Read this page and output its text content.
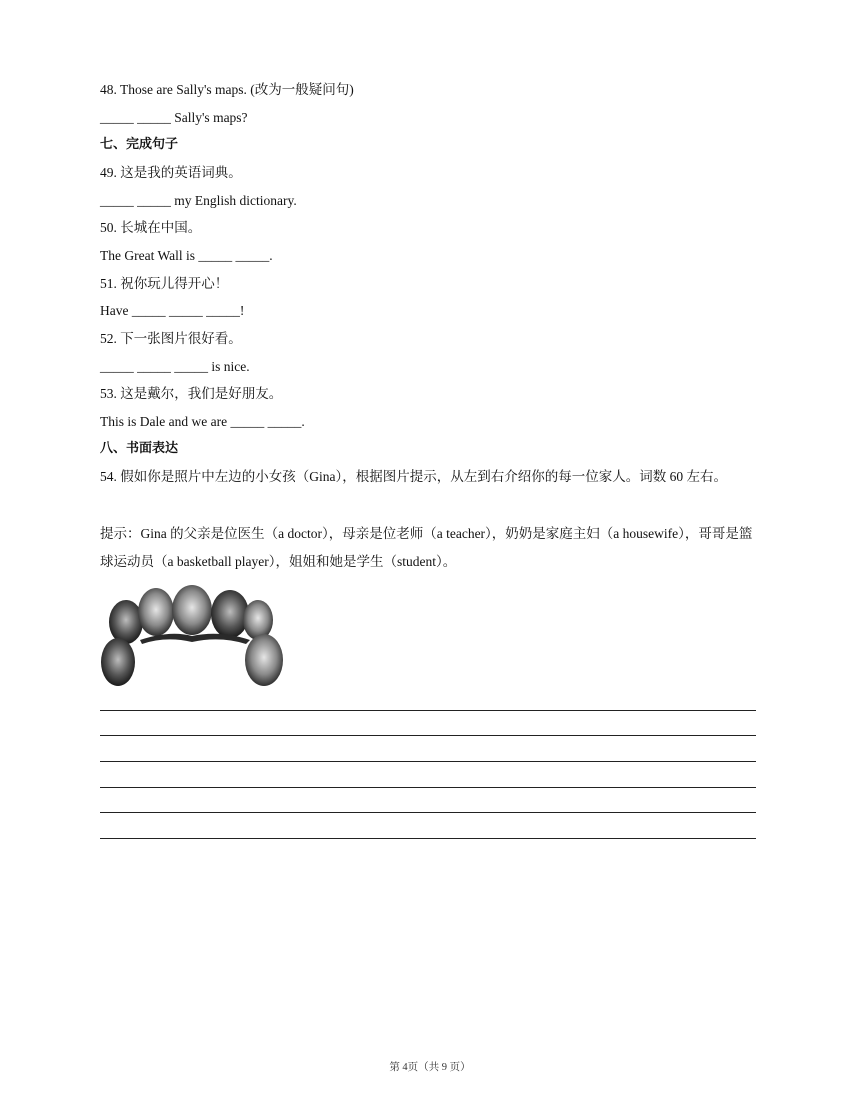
48. Those are Sally's maps. (改为一般疑问句)
_____ _____ Sally's maps?
七、完成句子
49. 这是我的英语词典。
_____ _____ my English dictionary.
50. 长城在中国。
The Great Wall is _____ _____.
51. 祝你玩儿得开心！
Have _____ _____ _____!
52. 下一张图片很好看。
_____ _____ _____ is nice.
53. 这是戴尔，我们是好朋友。
This is Dale and we are _____ _____.
八、书面表达
54. 假如你是照片中左边的小女孩（Gina），根据图片提示，从左到右介绍你的每一位家人。词数 60 左右。
提示：Gina 的父亲是位医生（a doctor），母亲是位老师（a teacher），奶奶是家庭主妇（a housewife），哥哥是篮球运动员（a basketball player），姐姐和她是学生（student）。
第 4页（共 9 页）
